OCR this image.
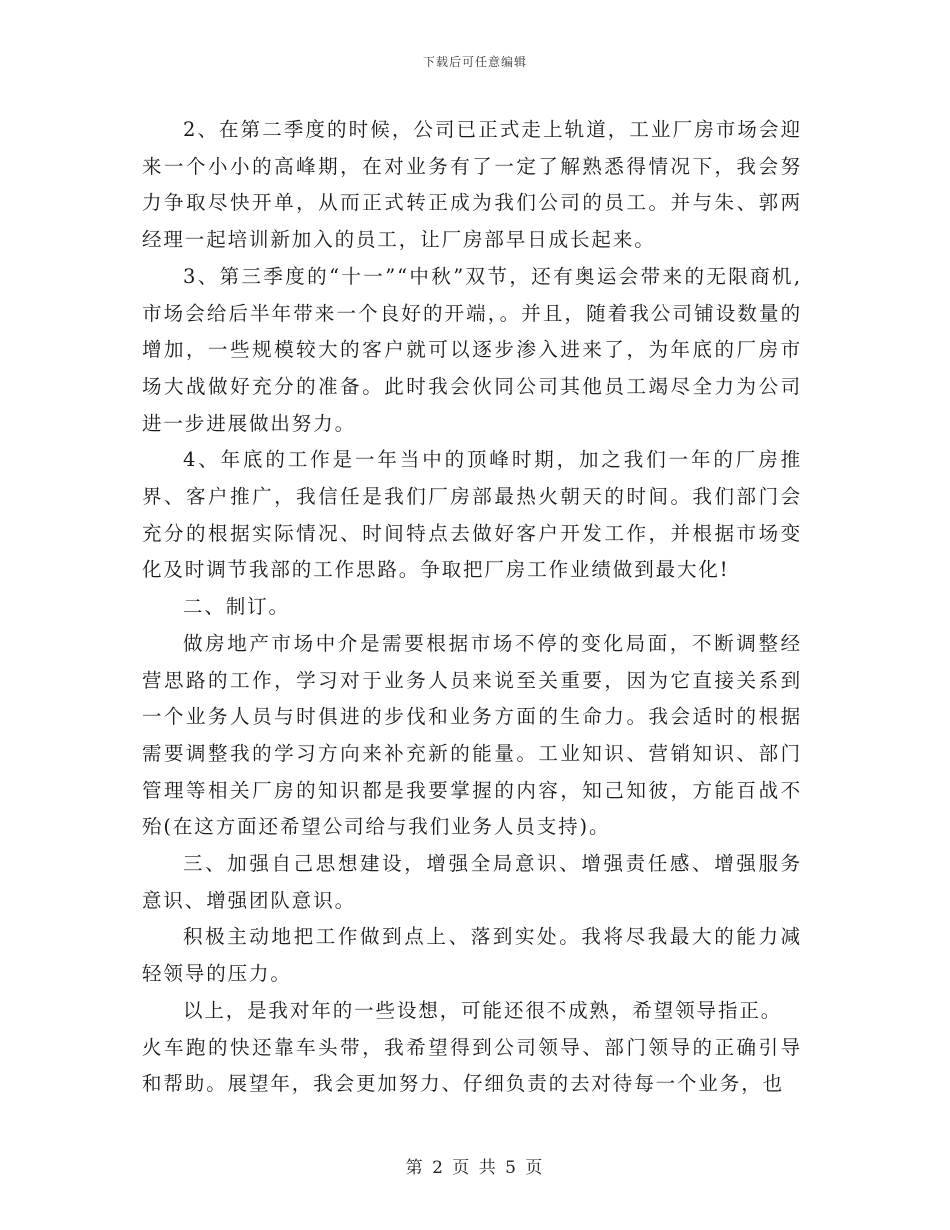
下载后可任意编辑

2、在第二季度的时候，公司已正式走上轨道，工业厂房市场会迎来一个小小的高峰期，在对业务有了一定了解熟悉得情况下，我会努力争取尽快开单，从而正式转正成为我们公司的员工。并与朱、郭两经理一起培训新加入的员工，让厂房部早日成长起来。

3、第三季度的“十一”“中秋”双节，还有奥运会带来的无限商机,市场会给后半年带来一个良好的开端，。并且，随着我公司铺设数量的增加，一些规模较大的客户就可以逐步渗入进来了，为年底的厂房市场大战做好充分的准备。此时我会伙同公司其他员工竭尽全力为公司进一步进展做出努力。

4、年底的工作是一年当中的顶峰时期，加之我们一年的厂房推界、客户推广，我信任是我们厂房部最热火朝天的时间。我们部门会充分的根据实际情况、时间特点去做好客户开发工作，并根据市场变化及时调节我部的工作思路。争取把厂房工作业绩做到最大化!

二、制订。

做房地产市场中介是需要根据市场不停的变化局面，不断调整经营思路的工作，学习对于业务人员来说至关重要，因为它直接关系到一个业务人员与时俱进的步伐和业务方面的生命力。我会适时的根据需要调整我的学习方向来补充新的能量。工业知识、营销知识、部门管理等相关厂房的知识都是我要掌握的内容，知己知彼，方能百战不殆(在这方面还希望公司给与我们业务人员支持)。

三、加强自己思想建设，增强全局意识、增强责任感、增强服务意识、增强团队意识。

积极主动地把工作做到点上、落到实处。我将尽我最大的能力减轻领导的压力。

以上，是我对年的一些设想，可能还很不成熟，希望领导指正。

火车跑的快还靠车头带，我希望得到公司领导、部门领导的正确引导和帮助。展望年，我会更加努力、仔细负责的去对待每一个业务，也

第 2 页 共 5 页
